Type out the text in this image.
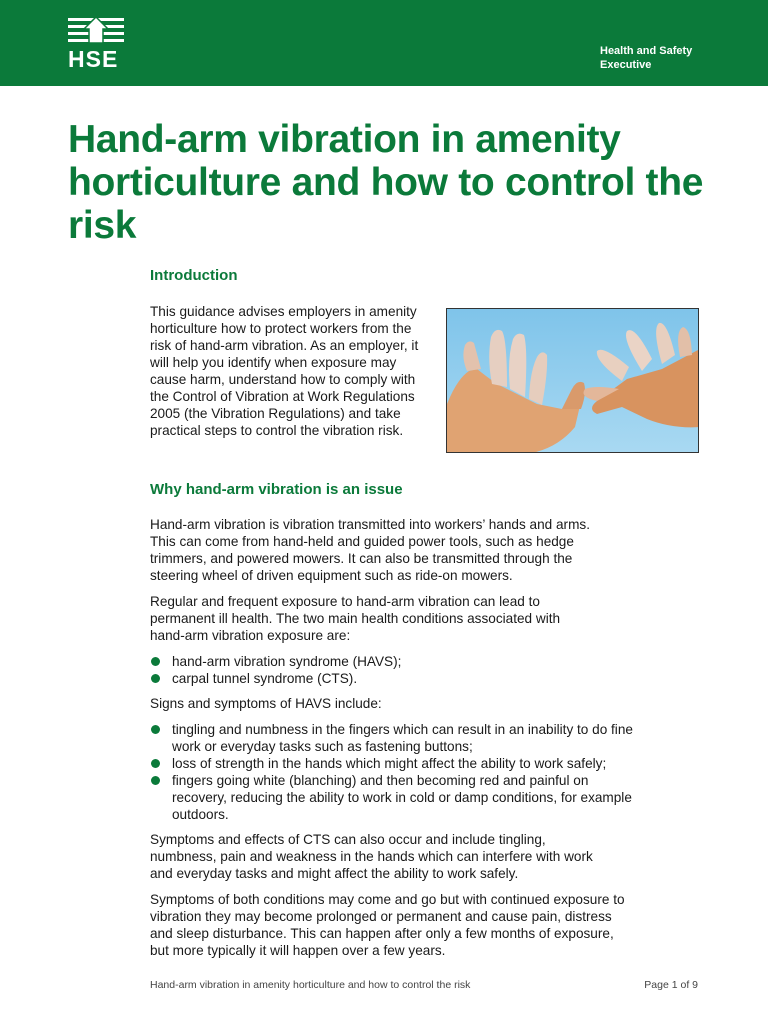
HSE	Health and Safety Executive
Hand-arm vibration in amenity horticulture and how to control the risk
Introduction

This guidance advises employers in amenity horticulture how to protect workers from the risk of hand-arm vibration. As an employer, it will help you identify when exposure may cause harm, understand how to comply with the Control of Vibration at Work Regulations 2005 (the Vibration Regulations) and take practical steps to control the vibration risk.

Why hand-arm vibration is an issue

Hand-arm vibration is vibration transmitted into workers’ hands and arms. This can come from hand-held and guided power tools, such as hedge trimmers, and powered mowers. It can also be transmitted through the steering wheel of driven equipment such as ride-on mowers.

Regular and frequent exposure to hand-arm vibration can lead to permanent ill health. The two main health conditions associated with hand-arm vibration exposure are:

hand-arm vibration syndrome (HAVS);
carpal tunnel syndrome (CTS).

Signs and symptoms of HAVS include:

tingling and numbness in the fingers which can result in an inability to do fine work or everyday tasks such as fastening buttons;
loss of strength in the hands which might affect the ability to work safely;
fingers going white (blanching) and then becoming red and painful on recovery, reducing the ability to work in cold or damp conditions, for example outdoors.

Symptoms and effects of CTS can also occur and include tingling, numbness, pain and weakness in the hands which can interfere with work and everyday tasks and might affect the ability to work safely.

Symptoms of both conditions may come and go but with continued exposure to vibration they may become prolonged or permanent and cause pain, distress and sleep disturbance. This can happen after only a few months of exposure, but more typically it will happen over a few years.

Hand-arm vibration in amenity horticulture and how to control the risk	Page 1 of 9
